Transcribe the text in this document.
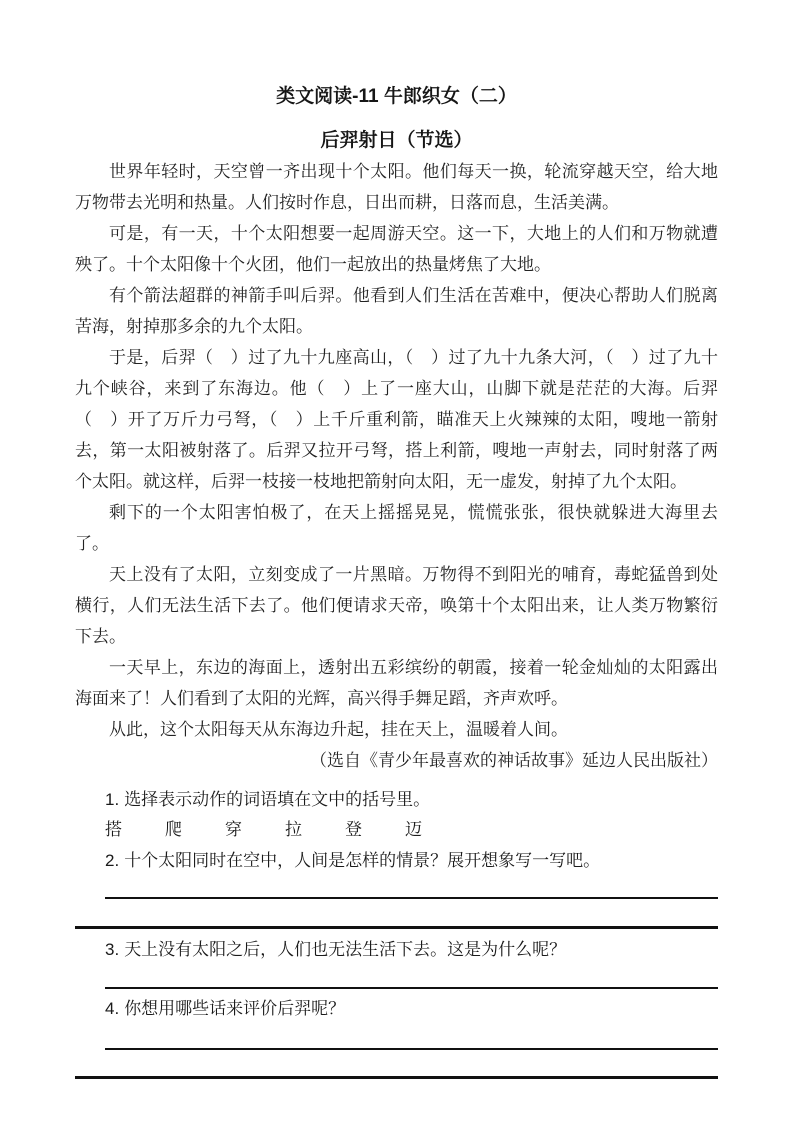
类文阅读-11 牛郎织女（二）
后羿射日（节选）

世界年轻时，天空曾一齐出现十个太阳。他们每天一换，轮流穿越天空，给大地万物带去光明和热量。人们按时作息，日出而耕，日落而息，生活美满。

可是，有一天，十个太阳想要一起周游天空。这一下，大地上的人们和万物就遭殃了。十个太阳像十个火团，他们一起放出的热量烤焦了大地。

有个箭法超群的神箭手叫后羿。他看到人们生活在苦难中，便决心帮助人们脱离苦海，射掉那多余的九个太阳。

于是，后羿（　）过了九十九座高山，（　）过了九十九条大河，（　）过了九十九个峡谷，来到了东海边。他（　）上了一座大山，山脚下就是茫茫的大海。后羿（　）开了万斤力弓弩，（　）上千斤重利箭，瞄准天上火辣辣的太阳，嗖地一箭射去，第一太阳被射落了。后羿又拉开弓弩，搭上利箭，嗖地一声射去，同时射落了两个太阳。就这样，后羿一枝接一枝地把箭射向太阳，无一虚发，射掉了九个太阳。

剩下的一个太阳害怕极了，在天上摇摇晃晃，慌慌张张，很快就躲进大海里去了。

天上没有了太阳，立刻变成了一片黑暗。万物得不到阳光的哺育，毒蛇猛兽到处横行，人们无法生活下去了。他们便请求天帝，唤第十个太阳出来，让人类万物繁衍下去。

一天早上，东边的海面上，透射出五彩缤纷的朝霞，接着一轮金灿灿的太阳露出海面来了！人们看到了太阳的光辉，高兴得手舞足蹈，齐声欢呼。

从此，这个太阳每天从东海边升起，挂在天上，温暖着人间。

（选自《青少年最喜欢的神话故事》延边人民出版社）

1. 选择表示动作的词语填在文中的括号里。

搭	爬	穿	拉	登	迈

2. 十个太阳同时在空中，人间是怎样的情景？展开想象写一写吧。

3. 天上没有太阳之后，人们也无法生活下去。这是为什么呢？

4. 你想用哪些话来评价后羿呢？
